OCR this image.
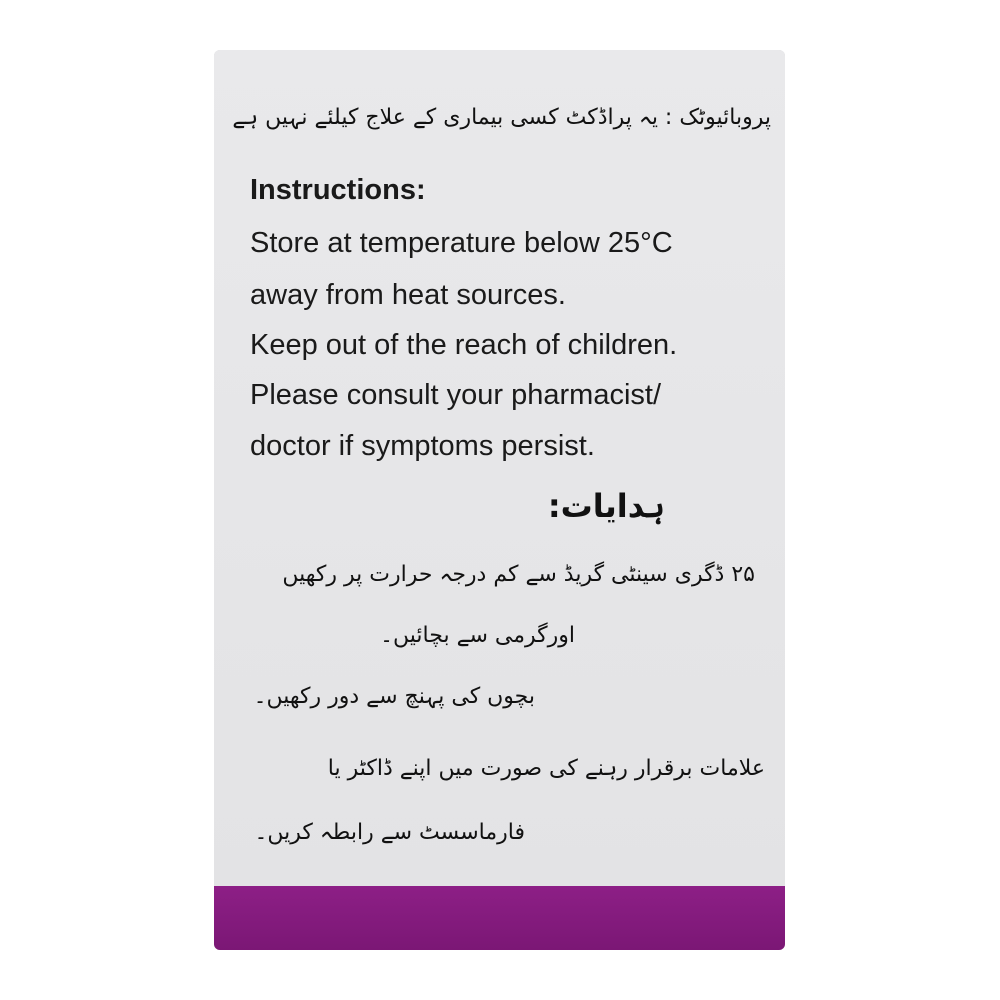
پروبائیوٹک : یہ پراڈکٹ کسی بیماری کے علاج کیلئے نہیں ہے
Instructions:
Store at temperature below 25°C
away from heat sources.
Keep out of the reach of children.
Please consult your pharmacist/
doctor if symptoms persist.
ہدایات:
۲۵ ڈگری سینٹی گریڈ سے کم درجہ حرارت پر رکھیں
اورگرمی سے بچائیں۔
بچوں کی پہنچ سے دور رکھیں۔
علامات برقرار رہنے کی صورت میں اپنے ڈاکٹر یا
فارماسسٹ سے رابطہ کریں۔
